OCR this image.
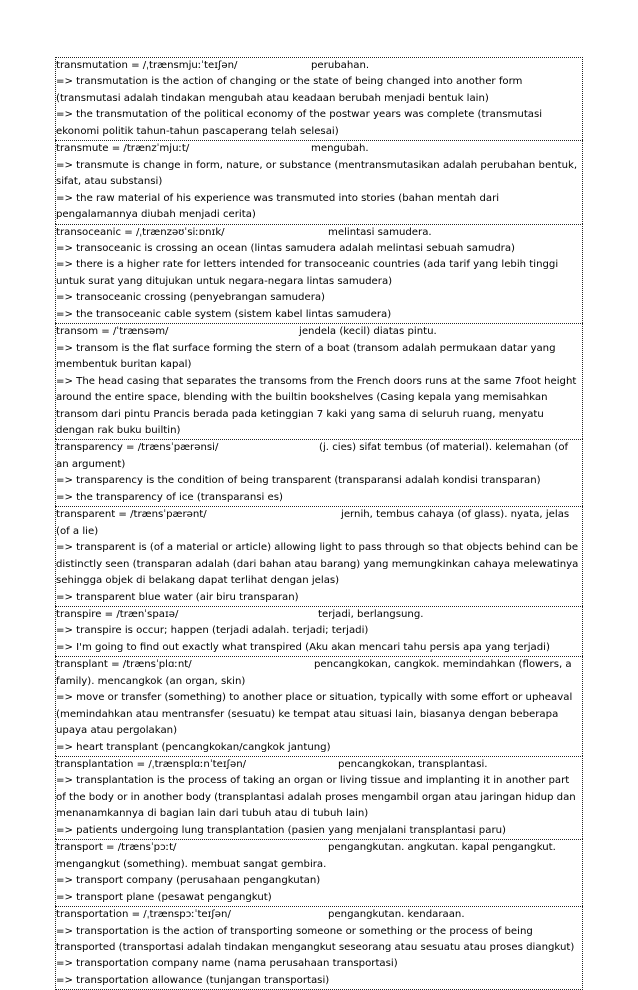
transmutation = /ˌtrænsmjuːˈteɪʃən/	perubahan.
=> transmutation is the action of changing or the state of being changed into another form (transmutasi adalah tindakan mengubah atau keadaan berubah menjadi bentuk lain)
=> the transmutation of the political economy of the postwar years was complete (transmutasi ekonomi politik tahun-tahun pascaperang telah selesai)
transmute = /trænzˈmjuːt/	mengubah.
=> transmute is change in form, nature, or substance (mentransmutasikan adalah perubahan bentuk, sifat, atau substansi)
=> the raw material of his experience was transmuted into stories (bahan mentah dari pengalamannya diubah menjadi cerita)
transoceanic = /ˌtrænzəʊˈsiːɒnɪk/	melintasi samudera.
=> transoceanic is crossing an ocean (lintas samudera adalah melintasi sebuah samudra)
=> there is a higher rate for letters intended for transoceanic countries (ada tarif yang lebih tinggi untuk surat yang ditujukan untuk negara-negara lintas samudera)
=> transoceanic crossing (penyebrangan samudera)
=> the transoceanic cable system (sistem kabel lintas samudera)
transom = /ˈtrænsəm/	jendela (kecil) diatas pintu.
=> transom is the flat surface forming the stern of a boat (transom adalah permukaan datar yang membentuk buritan kapal)
=> The head casing that separates the transoms from the French doors runs at the same 7foot height around the entire space, blending with the builtin bookshelves (Casing kepala yang memisahkan transom dari pintu Prancis berada pada ketinggian 7 kaki yang sama di seluruh ruang, menyatu dengan rak buku builtin)
transparency = /trænsˈpærənsi/	(j. cies) sifat tembus (of material). kelemahan (of an argument)
=> transparency is the condition of being transparent (transparansi adalah kondisi transparan)
=> the transparency of ice (transparansi es)
transparent = /trænsˈpærənt/	jernih, tembus cahaya (of glass). nyata, jelas (of a lie)
=> transparent is (of a material or article) allowing light to pass through so that objects behind can be distinctly seen (transparan adalah (dari bahan atau barang) yang memungkinkan cahaya melewatinya sehingga objek di belakang dapat terlihat dengan jelas)
=> transparent blue water (air biru transparan)
transpire = /trænˈspaɪə/	terjadi, berlangsung.
=> transpire is occur; happen (terjadi adalah. terjadi; terjadi)
=> I'm going to find out exactly what transpired (Aku akan mencari tahu persis apa yang terjadi)
transplant = /trænsˈplɑːnt/	pencangkokan, cangkok. memindahkan (flowers, a family). mencangkok (an organ, skin)
=> move or transfer (something) to another place or situation, typically with some effort or upheaval (memindahkan atau mentransfer (sesuatu) ke tempat atau situasi lain, biasanya dengan beberapa upaya atau pergolakan)
=> heart transplant (pencangkokan/cangkok jantung)
transplantation = /ˌtrænsplɑːnˈteɪʃən/	pencangkokan, transplantasi.
=> transplantation is the process of taking an organ or living tissue and implanting it in another part of the body or in another body (transplantasi adalah proses mengambil organ atau jaringan hidup dan menanamkannya di bagian lain dari tubuh atau di tubuh lain)
=> patients undergoing lung transplantation (pasien yang menjalani transplantasi paru)
transport = /trænsˈpɔːt/	pengangkutan. angkutan. kapal pengangkut. mengangkut (something). membuat sangat gembira.
=> transport company (perusahaan pengangkutan)
=> transport plane (pesawat pengangkut)
transportation = /ˌtrænspɔːˈteɪʃən/	pengangkutan. kendaraan.
=> transportation is the action of transporting someone or something or the process of being transported (transportasi adalah tindakan mengangkut seseorang atau sesuatu atau proses diangkut)
=> transportation company name (nama perusahaan transportasi)
=> transportation allowance (tunjangan transportasi)
